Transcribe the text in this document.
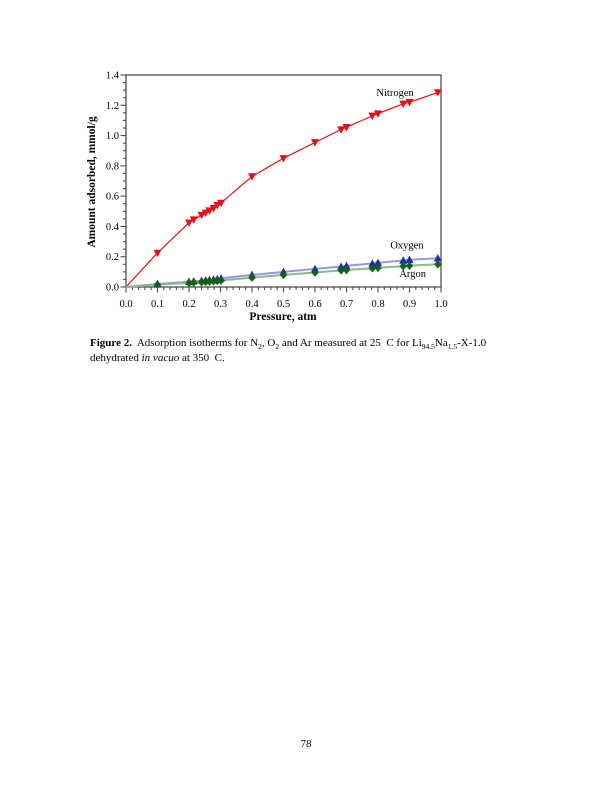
0.0 0.1 0.2 0.3 0.4 0.5 0.6 0.7 0.8 0.9 1.0
0.0
0.2
0.4
0.6
0.8
1.0
1.2
1.4
Nitrogen
Oxygen
Argon
Pressure, atm
Amount adsorbed, mmol/g
Figure 2.  Adsorption isotherms for $N_2$, $O_2$ and Ar measured at 25  C for $Li_{94.5}Na_{1.5}-X-1.0$ dehydrated in vacuo at 350  C.
78
